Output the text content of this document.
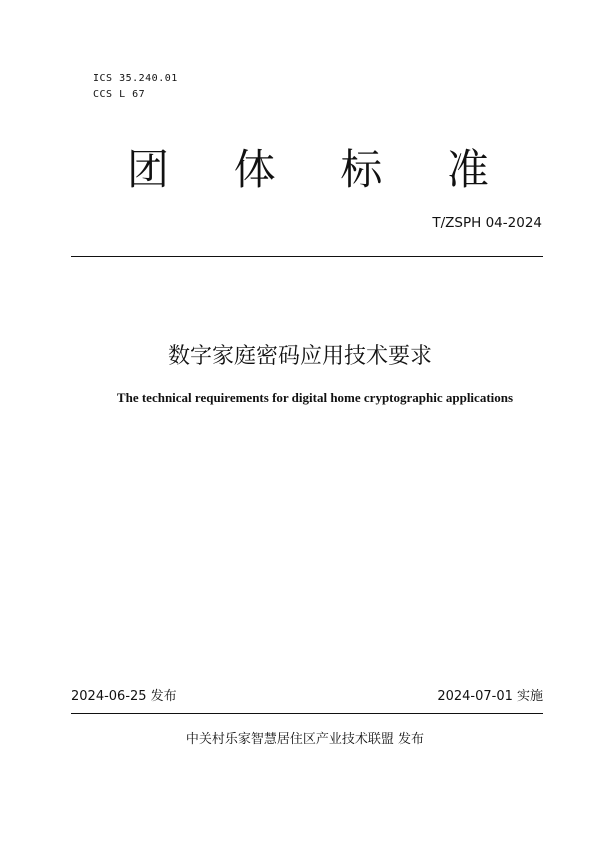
ICS 35.240.01
CCS L 67
团 体 标 准
T/ZSPH 04-2024
数字家庭密码应用技术要求
The technical requirements for digital home cryptographic applications
2024-06-25 发布	2024-07-01 实施
中关村乐家智慧居住区产业技术联盟 发布
